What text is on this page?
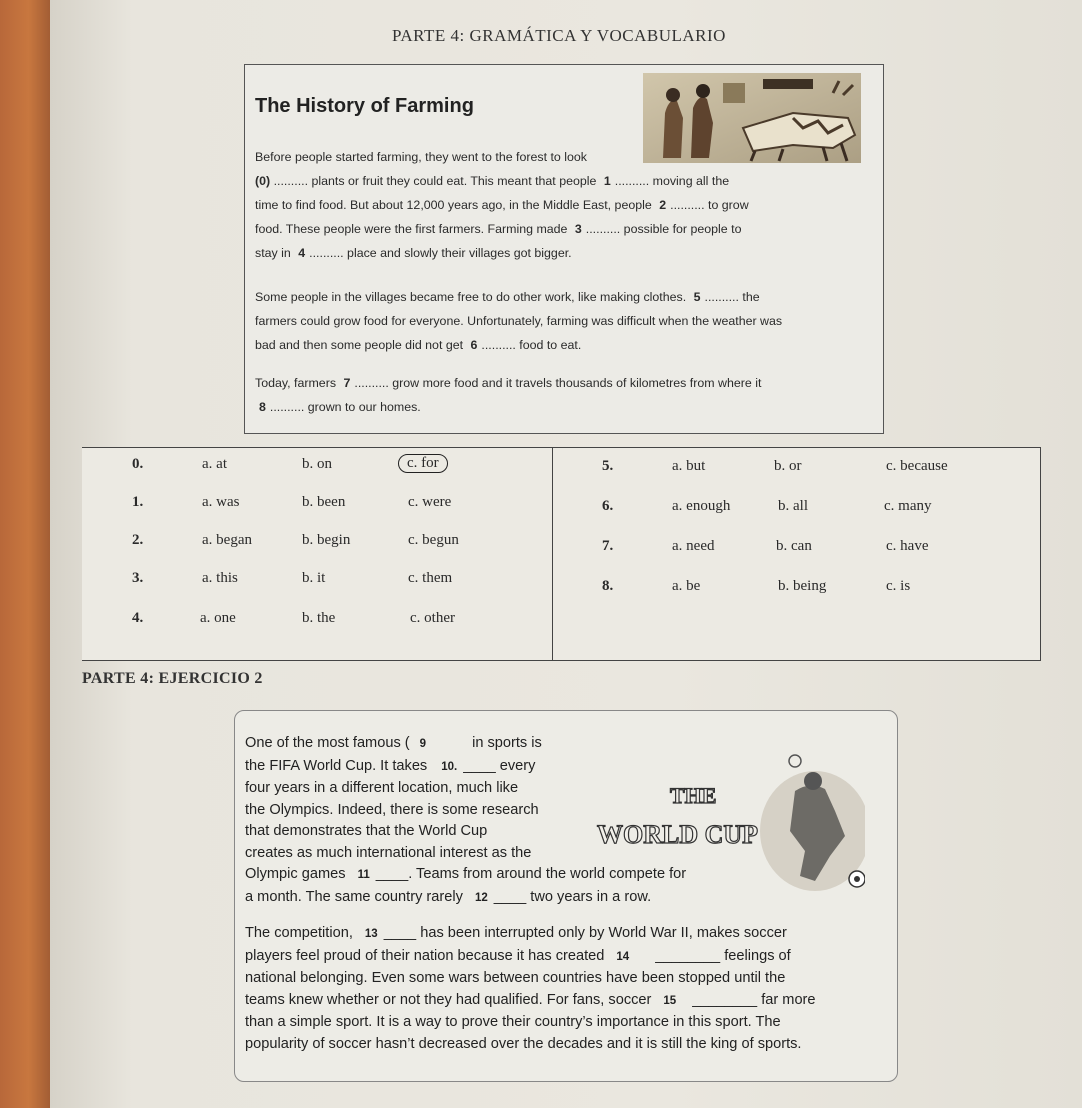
PARTE 4: GRAMÁTICA Y VOCABULARIO
The History of Farming

Before people started farming, they went to the forest to look

(0) .......... plants or fruit they could eat. This meant that people 1 .......... moving all the

time to find food. But about 12,000 years ago, in the Middle East, people 2 .......... to grow

food. These people were the first farmers. Farming made 3 .......... possible for people to

stay in 4 .......... place and slowly their villages got bigger.

Some people in the villages became free to do other work, like making clothes. 5 .......... the

farmers could grow food for everyone. Unfortunately, farming was difficult when the weather was

bad and then some people did not get 6 .......... food to eat.

Today, farmers 7 .......... grow more food and it travels thousands of kilometres from where it

8 .......... grown to our homes.

0.	a. at	b. on	c. for
1.	a. was	b. been	c. were
2.	a. began	b. begin	c. begun
3.	a. this	b. it	c. them
4.	a. one	b. the	c. other
5.	a. but	b. or	c. because
6.	a. enough	b. all	c. many
7.	a. need	b. can	c. have
8.	a. be	b. being	c. is
PARTE 4: EJERCICIO 2
THE
WORLD CUP

One of the most famous ( 9	in sports is

the FIFA World Cup. It takes 10. ____ every

four years in a different location, much like

the Olympics. Indeed, there is some research

that demonstrates that the World Cup

creates as much international interest as the

Olympic games 11 ____. Teams from around the world compete for

a month. The same country rarely 12 ____ two years in a row.

The competition, 13 ____ has been interrupted only by World War II, makes soccer

players feel proud of their nation because it has created 14 ________ feelings of

national belonging. Even some wars between countries have been stopped until the

teams knew whether or not they had qualified. For fans, soccer 15 ________ far more

than a simple sport. It is a way to prove their country’s importance in this sport. The

popularity of soccer hasn’t decreased over the decades and it is still the king of sports.
